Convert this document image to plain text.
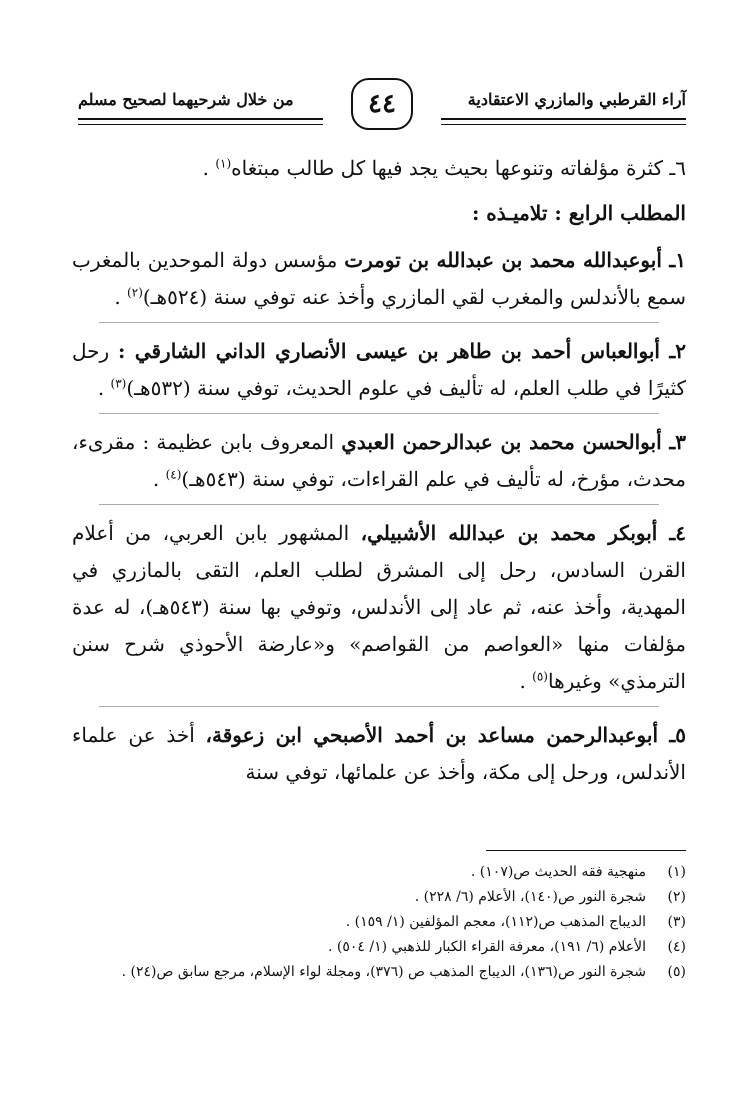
آراء القرطبي والمازري الاعتقادية
٤٤
من خلال شرحيهما لصحيح مسلم

٦ـ كثرة مؤلفاته وتنوعها بحيث يجد فيها كل طالب مبتغاه$^{(١)}$ .

المطلب الرابع : تلاميـذه :

١ـ أبوعبدالله محمد بن عبدالله بن تومرت مؤسس دولة الموحدين بالمغرب سمع بالأندلس والمغرب لقي المازري وأخذ عنه توفي سنة (٥٢٤هـ)$^{(٢)}$ .

٢ـ أبوالعباس أحمد بن طاهر بن عيسى الأنصاري الداني الشارقي : رحل كثيرًا في طلب العلم، له تأليف في علوم الحديث، توفي سنة (٥٣٢هـ)$^{(٣)}$ .

٣ـ أبوالحسن محمد بن عبدالرحمن العبدي المعروف بابن عظيمة : مقرىء، محدث، مؤرخ، له تأليف في علم القراءات، توفي سنة (٥٤٣هـ)$^{(٤)}$ .

٤ـ أبوبكر محمد بن عبدالله الأشبيلي، المشهور بابن العربي، من أعلام القرن السادس، رحل إلى المشرق لطلب العلم، التقى بالمازري في المهدية، وأخذ عنه، ثم عاد إلى الأندلس، وتوفي بها سنة (٥٤٣هـ)، له عدة مؤلفات منها «العواصم من القواصم» و«عارضة الأحوذي شرح سنن الترمذي» وغيرها$^{(٥)}$ .

٥ـ أبوعبدالرحمن مساعد بن أحمد الأصبحي ابن زعوقة، أخذ عن علماء الأندلس، ورحل إلى مكة، وأخذ عن علمائها، توفي سنة

(١)
منهجية فقه الحديث ص(١٠٧) .
(٢)
شجرة النور ص(١٤٠)، الأعلام (٦/ ٢٢٨) .
(٣)
الديباج المذهب ص(١١٢)، معجم المؤلفين (١/ ١٥٩) .
(٤)
الأعلام (٦/ ١٩١)، معرفة القراء الكبار للذهبي (١/ ٥٠٤) .
(٥)
شجرة النور ص(١٣٦)، الديباج المذهب ص (٣٧٦)، ومجلة لواء الإسلام، مرجع سابق ص(٢٤) .
